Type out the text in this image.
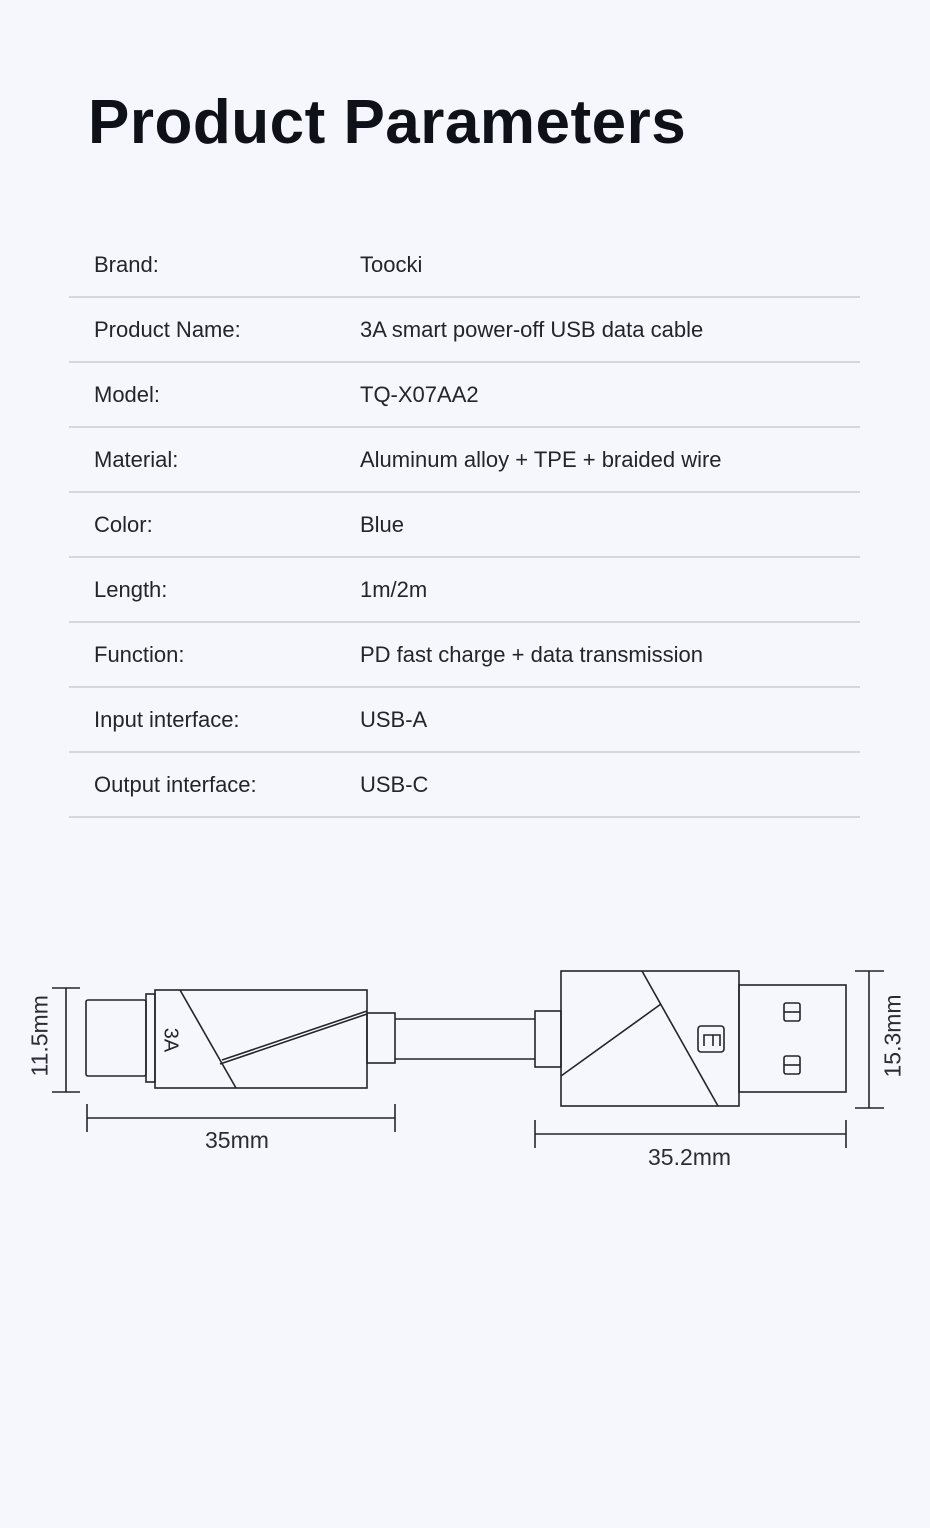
Product Parameters
Brand:	Toocki
Product Name:	3A smart power-off USB data cable
Model:	TQ-X07AA2
Material:	Aluminum alloy + TPE + braided wire
Color:	Blue
Length:	1m/2m
Function:	PD fast charge + data transmission
Input interface:	USB-A
Output interface:	USB-C
3A
11.5mm
35mm
35.2mm
15.3mm
